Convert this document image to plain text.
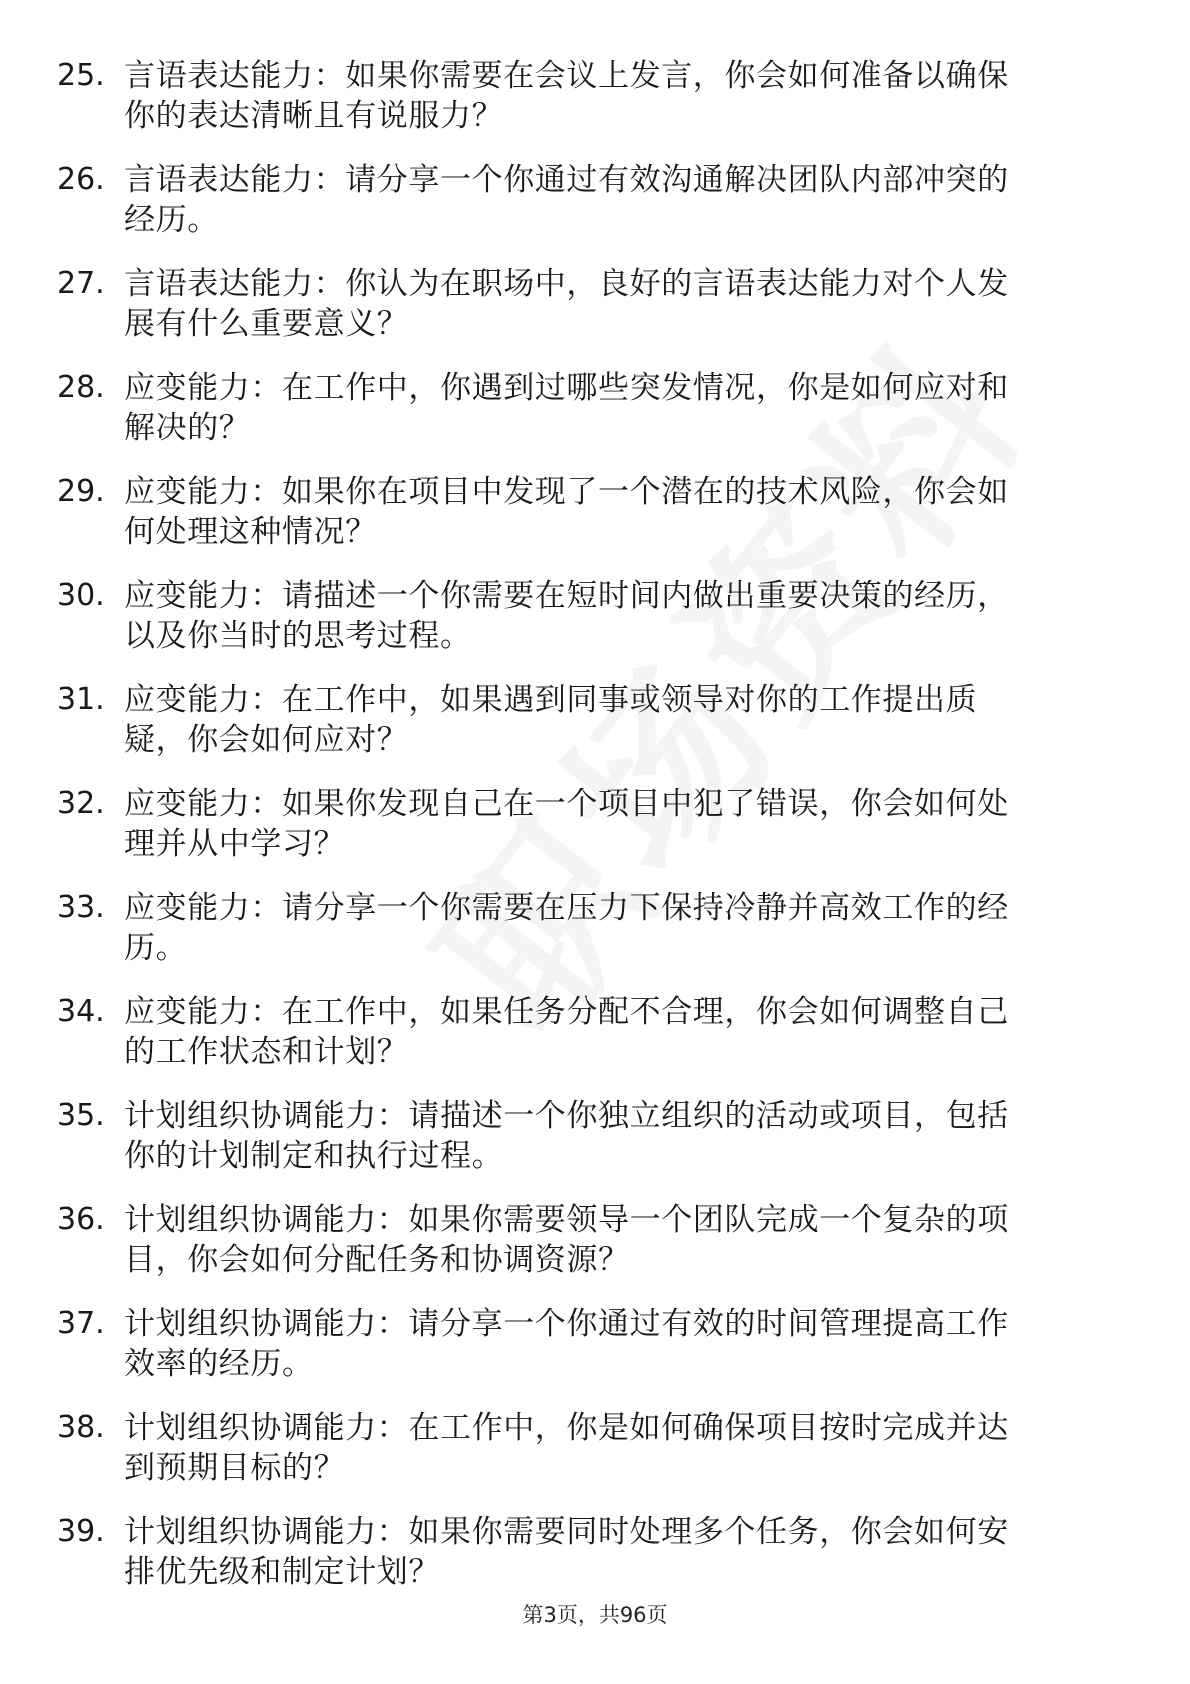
25. 言语表达能力：如果你需要在会议上发言，你会如何准备以确保
你的表达清晰且有说服力？
26. 言语表达能力：请分享一个你通过有效沟通解决团队内部冲突的
经历。
27. 言语表达能力：你认为在职场中，良好的言语表达能力对个人发
展有什么重要意义？
28. 应变能力：在工作中，你遇到过哪些突发情况，你是如何应对和
解决的？
29. 应变能力：如果你在项目中发现了一个潜在的技术风险，你会如
何处理这种情况？
30. 应变能力：请描述一个你需要在短时间内做出重要决策的经历，
以及你当时的思考过程。
31. 应变能力：在工作中，如果遇到同事或领导对你的工作提出质
疑，你会如何应对？
32. 应变能力：如果你发现自己在一个项目中犯了错误，你会如何处
理并从中学习？
33. 应变能力：请分享一个你需要在压力下保持冷静并高效工作的经
历。
34. 应变能力：在工作中，如果任务分配不合理，你会如何调整自己
的工作状态和计划？
35. 计划组织协调能力：请描述一个你独立组织的活动或项目，包括
你的计划制定和执行过程。
36. 计划组织协调能力：如果你需要领导一个团队完成一个复杂的项
目，你会如何分配任务和协调资源？
37. 计划组织协调能力：请分享一个你通过有效的时间管理提高工作
效率的经历。
38. 计划组织协调能力：在工作中，你是如何确保项目按时完成并达
到预期目标的？
39. 计划组织协调能力：如果你需要同时处理多个任务，你会如何安
排优先级和制定计划？
第3页，共96页
